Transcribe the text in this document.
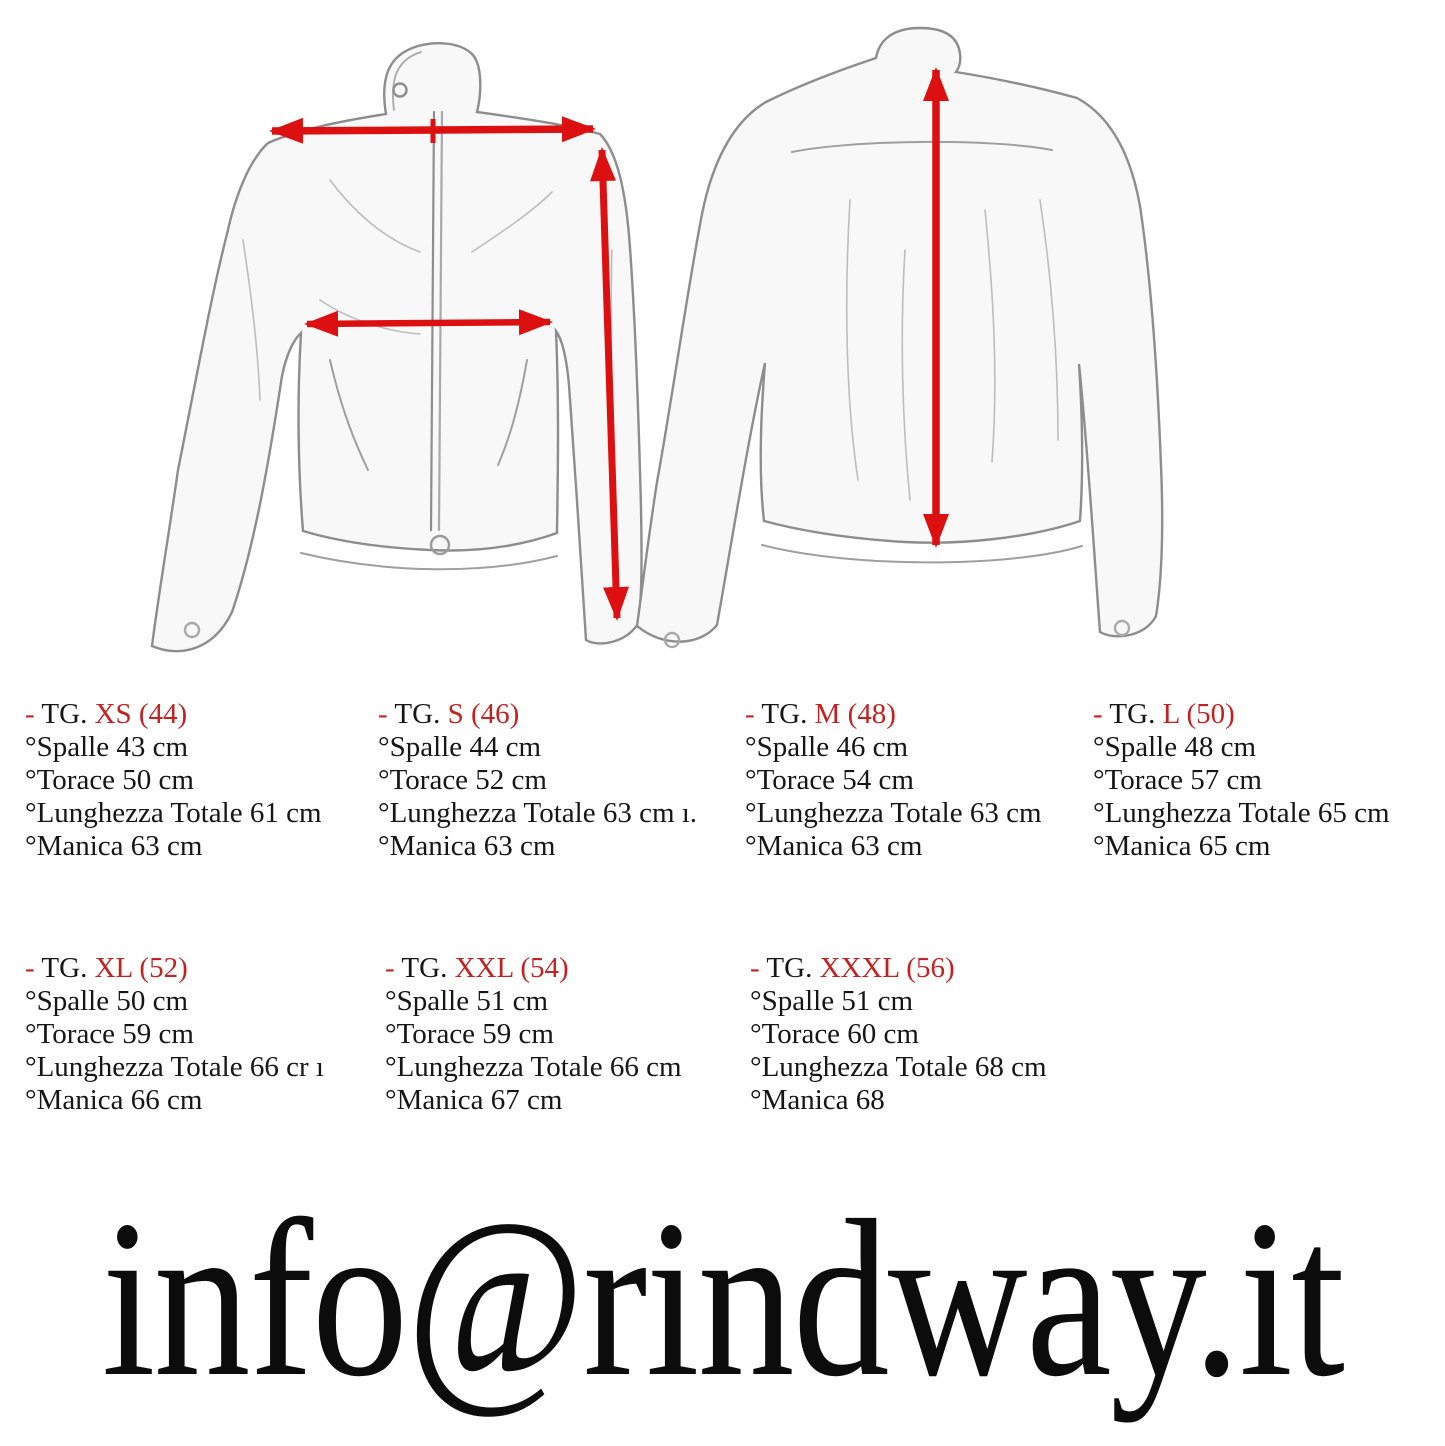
- TG. XS (44)
°Spalle 43 cm
°Torace 50 cm
°Lunghezza Totale 61 cm
°Manica 63 cm
- TG. S (46)
°Spalle 44 cm
°Torace 52 cm
°Lunghezza Totale 63 cm ı.
°Manica 63 cm
- TG. M (48)
°Spalle 46 cm
°Torace 54 cm
°Lunghezza Totale 63 cm
°Manica 63 cm
- TG. L (50)
°Spalle 48 cm
°Torace 57 cm
°Lunghezza Totale 65 cm
°Manica 65 cm
- TG. XL (52)
°Spalle 50 cm
°Torace 59 cm
°Lunghezza Totale 66 cr ı
°Manica 66 cm
- TG. XXL (54)
°Spalle 51 cm
°Torace 59 cm
°Lunghezza Totale 66 cm
°Manica 67 cm
- TG. XXXL (56)
°Spalle 51 cm
°Torace 60 cm
°Lunghezza Totale 68 cm
°Manica 68
info@rindway.it
